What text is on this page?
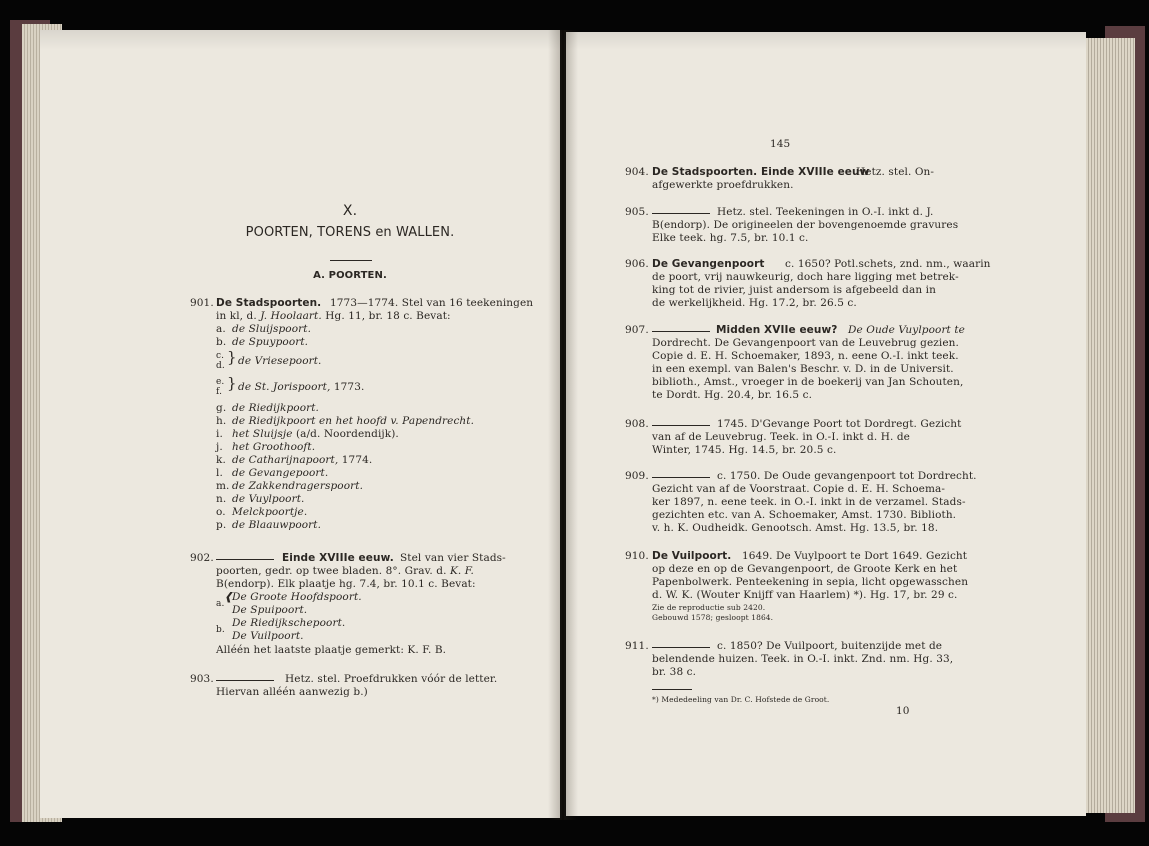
X.
POORTEN, TORENS en WALLEN.
A. POORTEN.
901. De Stadspoorten. 1773—1774. Stel van 16 teekeningen
in kl, d. J. Hoolaart. Hg. 11, br. 18 c. Bevat:
a. de Sluijspoort.
b. de Spuypoort.
c.
d. } de Vriesepoort.
e.
f. } de St. Jorispoort, 1773.
g. de Riedijkpoort.
h. de Riedijkpoort en het hoofd v. Papendrecht.
i. het Sluijsje (a/d. Noordendijk).
j. het Groothooft.
k. de Catharijnapoort, 1774.
l. de Gevangepoort.
m. de Zakkendragerspoort.
n. de Vuylpoort.
o. Melckpoortje.
p. de Blaauwpoort.
902.	Einde XVIIIe eeuw. Stel van vier Stads-
poorten, gedr. op twee bladen. 8°. Grav. d. K. F.
B(endorp). Elk plaatje hg. 7.4, br. 10.1 c. Bevat:
a.
❰ De Groote Hoofdspoort.
De Spuipoort.
b.
De Riedijkschepoort.
De Vuilpoort.
Alléén het laatste plaatje gemerkt: K. F. B.
903.	Hetz. stel. Proefdrukken vóór de letter.
Hiervan alléén aanwezig b.)
145
904. De Stadspoorten. Einde XVIIIe eeuw
Hetz. stel. On-
afgewerkte proefdrukken.
905.	Hetz. stel. Teekeningen in O.-I. inkt d. J.
B(endorp). De origineelen der bovengenoemde gravures
Elke teek. hg. 7.5, br. 10.1 c.
906. De Gevangenpoort c. 1650? Potl.schets, znd. nm., waarin
de poort, vrij nauwkeurig, doch hare ligging met betrek-
king tot de rivier, juist andersom is afgebeeld dan in
de werkelijkheid. Hg. 17.2, br. 26.5 c.
907.	Midden XVIIe eeuw? De Oude Vuylpoort te
Dordrecht. De Gevangenpoort van de Leuvebrug gezien.
Copie d. E. H. Schoemaker, 1893, n. eene O.-I. inkt teek.
in een exempl. van Balen's Beschr. v. D. in de Universit.
biblioth., Amst., vroeger in de boekerij van Jan Schouten,
te Dordt. Hg. 20.4, br. 16.5 c.
908.	1745. D'Gevange Poort tot Dordregt. Gezicht
van af de Leuvebrug. Teek. in O.-I. inkt d. H. de
Winter, 1745. Hg. 14.5, br. 20.5 c.
909.	c. 1750. De Oude gevangenpoort tot Dordrecht.
Gezicht van af de Voorstraat. Copie d. E. H. Schoema-
ker 1897, n. eene teek. in O.-I. inkt in de verzamel. Stads-
gezichten etc. van A. Schoemaker, Amst. 1730. Biblioth.
v. h. K. Oudheidk. Genootsch. Amst. Hg. 13.5, br. 18.
910. De Vuilpoort. 1649. De Vuylpoort te Dort 1649. Gezicht
op deze en op de Gevangenpoort, de Groote Kerk en het
Papenbolwerk. Penteekening in sepia, licht opgewasschen
d. W. K. (Wouter Knijff van Haarlem) *). Hg. 17, br. 29 c.
Zie de reproductie sub 2420.
Gebouwd 1578; gesloopt 1864.
911.	c. 1850? De Vuilpoort, buitenzijde met de
belendende huizen. Teek. in O.-I. inkt. Znd. nm. Hg. 33,
br. 38 c.
*) Mededeeling van Dr. C. Hofstede de Groot.
10
